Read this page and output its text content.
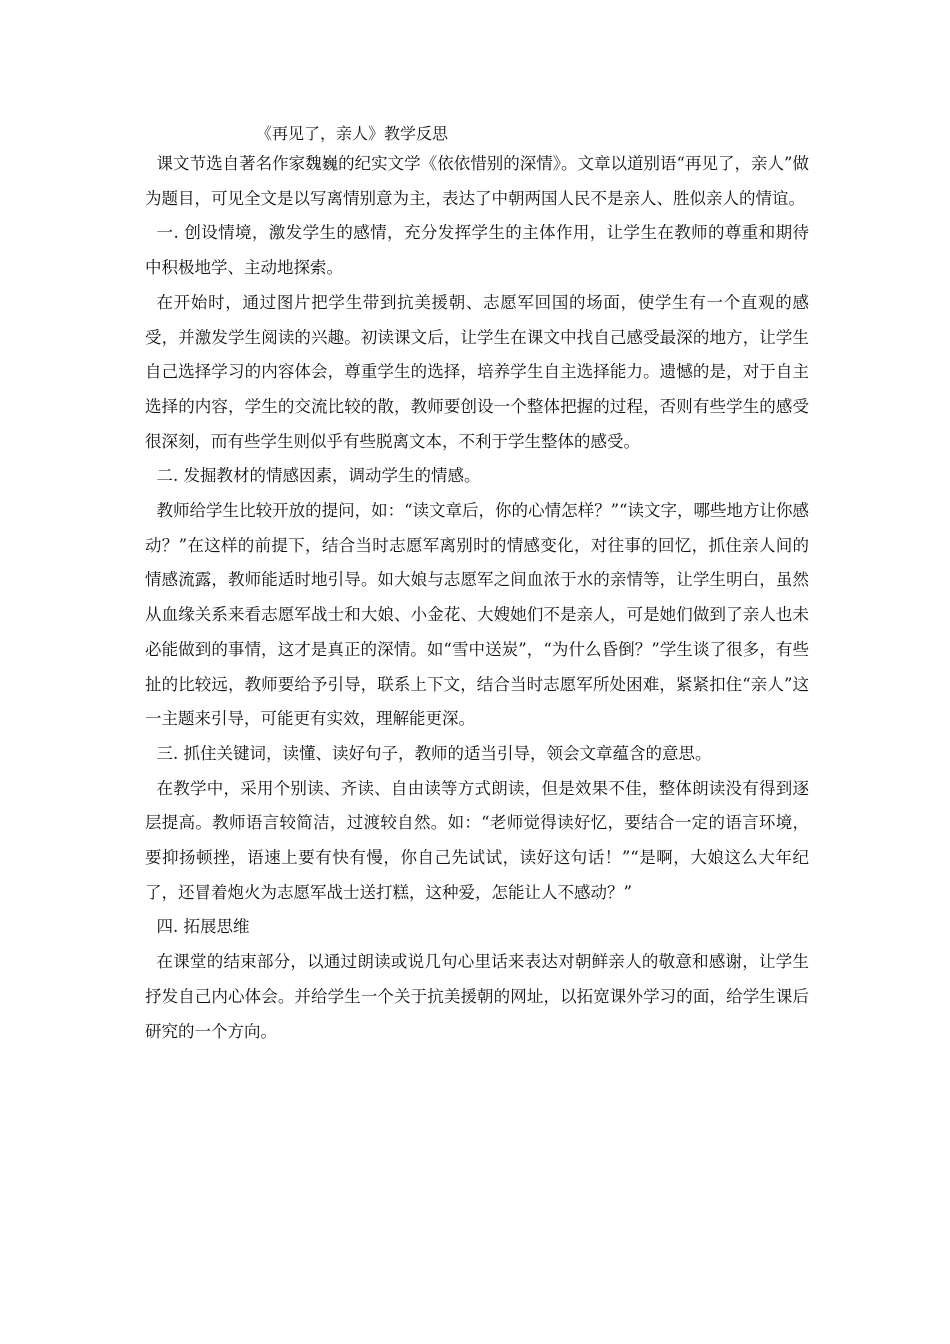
《再见了，亲人》教学反思

课文节选自著名作家魏巍的纪实文学《依依惜别的深情》。文章以道别语“再见了，亲人”做为题目，可见全文是以写离情别意为主，表达了中朝两国人民不是亲人、胜似亲人的情谊。

一. 创设情境，激发学生的感情，充分发挥学生的主体作用，让学生在教师的尊重和期待中积极地学、主动地探索。

在开始时，通过图片把学生带到抗美援朝、志愿军回国的场面，使学生有一个直观的感受，并激发学生阅读的兴趣。初读课文后，让学生在课文中找自己感受最深的地方，让学生自己选择学习的内容体会，尊重学生的选择，培养学生自主选择能力。遗憾的是，对于自主选择的内容，学生的交流比较的散，教师要创设一个整体把握的过程，否则有些学生的感受很深刻，而有些学生则似乎有些脱离文本，不利于学生整体的感受。

二. 发掘教材的情感因素，调动学生的情感。

教师给学生比较开放的提问，如：“读文章后，你的心情怎样？”“读文字，哪些地方让你感动？”在这样的前提下，结合当时志愿军离别时的情感变化，对往事的回忆，抓住亲人间的情感流露，教师能适时地引导。如大娘与志愿军之间血浓于水的亲情等，让学生明白，虽然从血缘关系来看志愿军战士和大娘、小金花、大嫂她们不是亲人，可是她们做到了亲人也未必能做到的事情，这才是真正的深情。如“雪中送炭”，“为什么昏倒？”学生谈了很多，有些扯的比较远，教师要给予引导，联系上下文，结合当时志愿军所处困难，紧紧扣住“亲人”这一主题来引导，可能更有实效，理解能更深。

三. 抓住关键词，读懂、读好句子，教师的适当引导，领会文章蕴含的意思。

在教学中，采用个别读、齐读、自由读等方式朗读，但是效果不佳，整体朗读没有得到逐层提高。教师语言较简洁，过渡较自然。如：“老师觉得读好忆，要结合一定的语言环境，要抑扬顿挫，语速上要有快有慢，你自己先试试，读好这句话！”“是啊，大娘这么大年纪了，还冒着炮火为志愿军战士送打糕，这种爱，怎能让人不感动？”

四. 拓展思维

在课堂的结束部分，以通过朗读或说几句心里话来表达对朝鲜亲人的敬意和感谢，让学生抒发自己内心体会。并给学生一个关于抗美援朝的网址，以拓宽课外学习的面，给学生课后研究的一个方向。
